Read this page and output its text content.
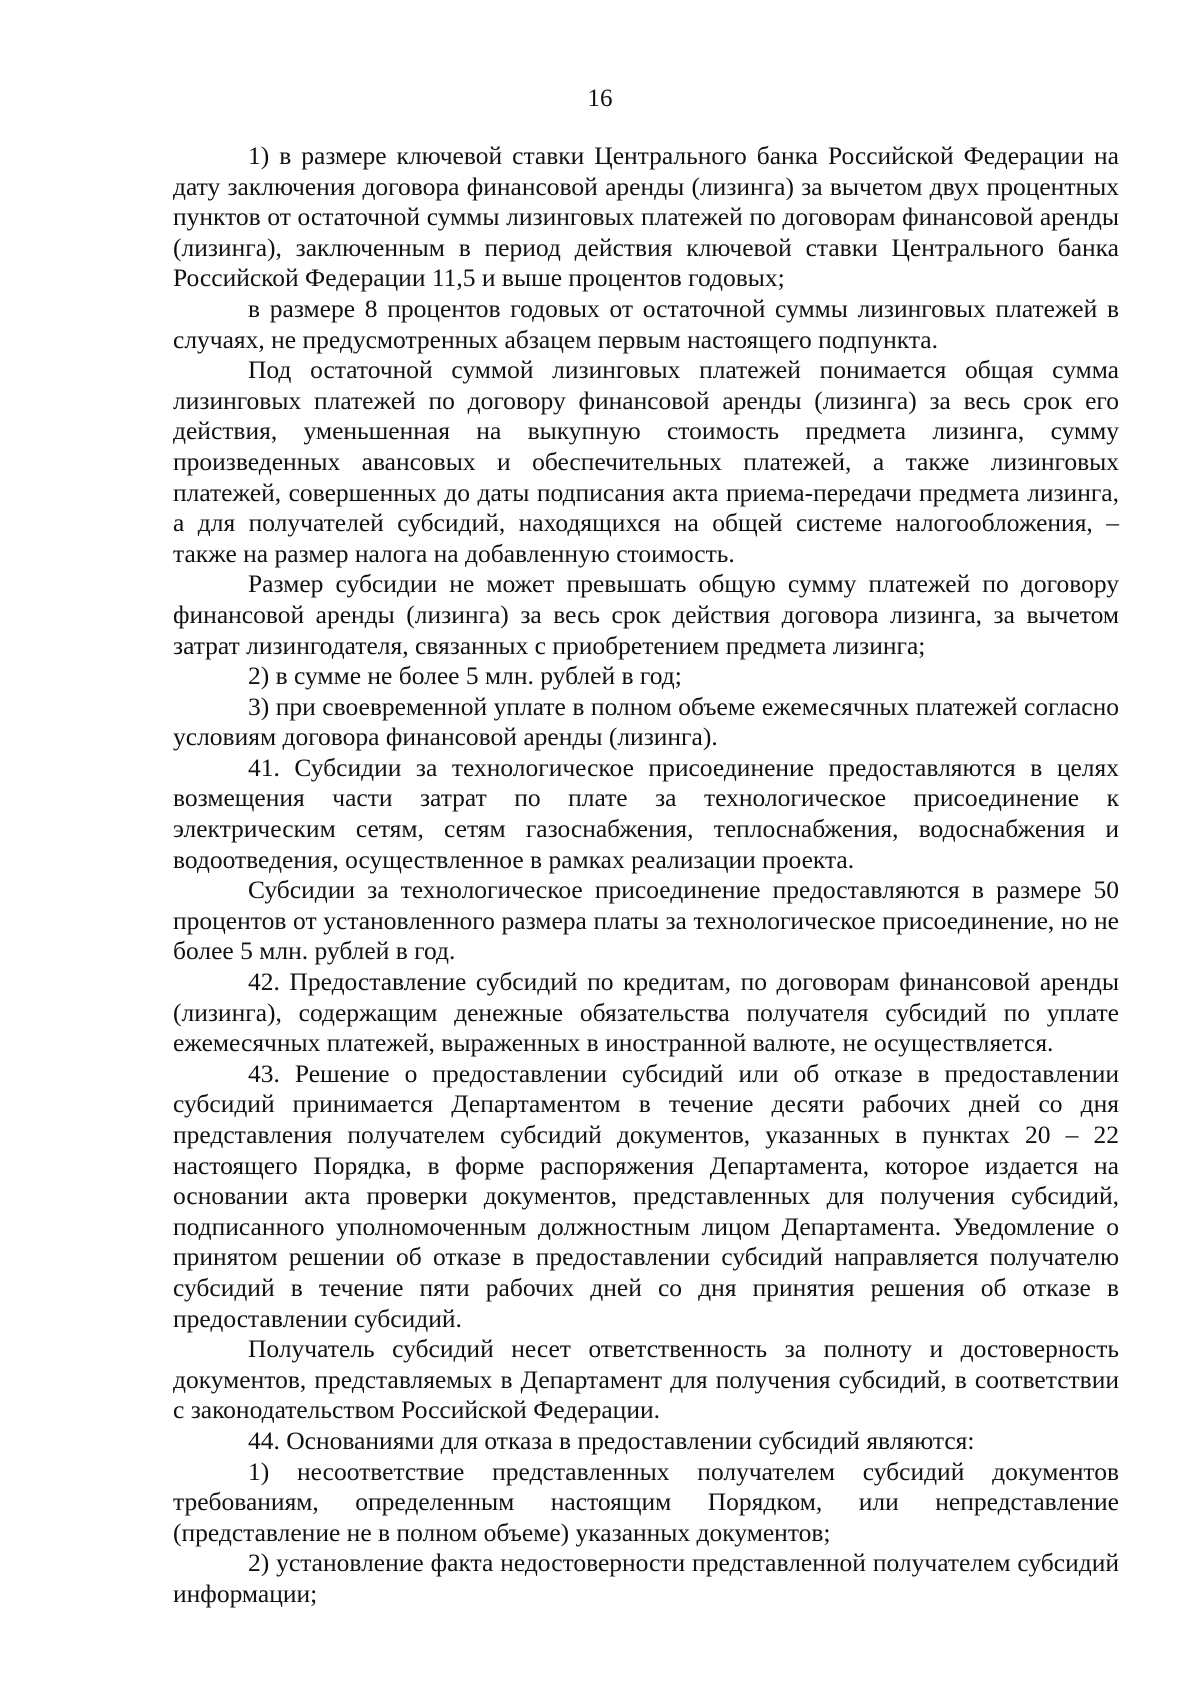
16

1) в размере ключевой ставки Центрального банка Российской Федерации на дату заключения договора финансовой аренды (лизинга) за вычетом двух процентных пунктов от остаточной суммы лизинговых платежей по договорам финансовой аренды (лизинга), заключенным в период действия ключевой ставки Центрального банка Российской Федерации 11,5 и выше процентов годовых;

в размере 8 процентов годовых от остаточной суммы лизинговых платежей в случаях, не предусмотренных абзацем первым настоящего подпункта.

Под остаточной суммой лизинговых платежей понимается общая сумма лизинговых платежей по договору финансовой аренды (лизинга) за весь срок его действия, уменьшенная на выкупную стоимость предмета лизинга, сумму произведенных авансовых и обеспечительных платежей, а также лизинговых платежей, совершенных до даты подписания акта приема-передачи предмета лизинга, а для получателей субсидий, находящихся на общей системе налогообложения, – также на размер налога на добавленную стоимость.

Размер субсидии не может превышать общую сумму платежей по договору финансовой аренды (лизинга) за весь срок действия договора лизинга, за вычетом затрат лизингодателя, связанных с приобретением предмета лизинга;

2) в сумме не более 5 млн. рублей в год;

3) при своевременной уплате в полном объеме ежемесячных платежей согласно условиям договора финансовой аренды (лизинга).

41. Субсидии за технологическое присоединение предоставляются в целях возмещения части затрат по плате за технологическое присоединение к электрическим сетям, сетям газоснабжения, теплоснабжения, водоснабжения и водоотведения, осуществленное в рамках реализации проекта.

Субсидии за технологическое присоединение предоставляются в размере 50 процентов от установленного размера платы за технологическое присоединение, но не более 5 млн. рублей в год.

42. Предоставление субсидий по кредитам, по договорам финансовой аренды (лизинга), содержащим денежные обязательства получателя субсидий по уплате ежемесячных платежей, выраженных в иностранной валюте, не осуществляется.

43. Решение о предоставлении субсидий или об отказе в предоставлении субсидий принимается Департаментом в течение десяти рабочих дней со дня представления получателем субсидий документов, указанных в пунктах 20 – 22 настоящего Порядка, в форме распоряжения Департамента, которое издается на основании акта проверки документов, представленных для получения субсидий, подписанного уполномоченным должностным лицом Департамента. Уведомление о принятом решении об отказе в предоставлении субсидий направляется получателю субсидий в течение пяти рабочих дней со дня принятия решения об отказе в предоставлении субсидий.

Получатель субсидий несет ответственность за полноту и достоверность документов, представляемых в Департамент для получения субсидий, в соответствии с законодательством Российской Федерации.

44. Основаниями для отказа в предоставлении субсидий являются:

1) несоответствие представленных получателем субсидий документов требованиям, определенным настоящим Порядком, или непредставление (представление не в полном объеме) указанных документов;

2) установление факта недостоверности представленной получателем субсидий информации;
